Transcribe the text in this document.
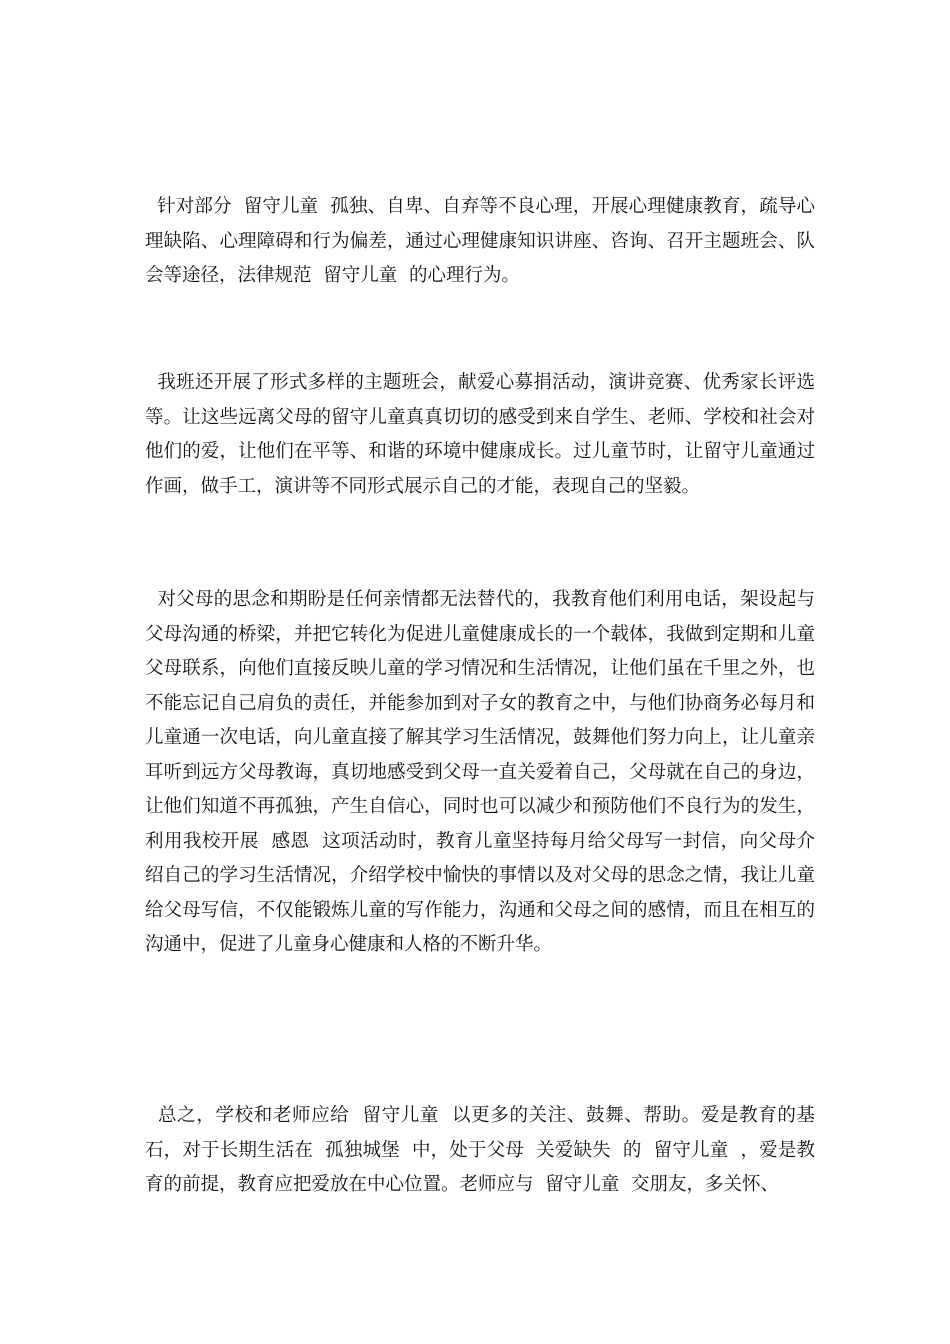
针对部分  留守儿童  孤独、自卑、自弃等不良心理，开展心理健康教育，疏导心理缺陷、心理障碍和行为偏差，通过心理健康知识讲座、咨询、召开主题班会、队会等途径，法律规范  留守儿童  的心理行为。

我班还开展了形式多样的主题班会，献爱心募捐活动，演讲竞赛、优秀家长评选等。让这些远离父母的留守儿童真真切切的感受到来自学生、老师、学校和社会对他们的爱，让他们在平等、和谐的环境中健康成长。过儿童节时，让留守儿童通过作画，做手工，演讲等不同形式展示自己的才能，表现自己的坚毅。

对父母的思念和期盼是任何亲情都无法替代的，我教育他们利用电话，架设起与父母沟通的桥梁，并把它转化为促进儿童健康成长的一个载体，我做到定期和儿童父母联系，向他们直接反映儿童的学习情况和生活情况，让他们虽在千里之外，也不能忘记自己肩负的责任，并能参加到对子女的教育之中，与他们协商务必每月和儿童通一次电话，向儿童直接了解其学习生活情况，鼓舞他们努力向上，让儿童亲耳听到远方父母教诲，真切地感受到父母一直关爱着自己，父母就在自己的身边，让他们知道不再孤独，产生自信心，同时也可以减少和预防他们不良行为的发生，利用我校开展  感恩  这项活动时，教育儿童坚持每月给父母写一封信，向父母介绍自己的学习生活情况，介绍学校中愉快的事情以及对父母的思念之情，我让儿童给父母写信，不仅能锻炼儿童的写作能力，沟通和父母之间的感情，而且在相互的沟通中，促进了儿童身心健康和人格的不断升华。

总之，学校和老师应给  留守儿童  以更多的关注、鼓舞、帮助。爱是教育的基石，对于长期生活在  孤独城堡  中，处于父母  关爱缺失  的  留守儿童  ，爱是教育的前提，教育应把爱放在中心位置。老师应与  留守儿童  交朋友，多关怀、
